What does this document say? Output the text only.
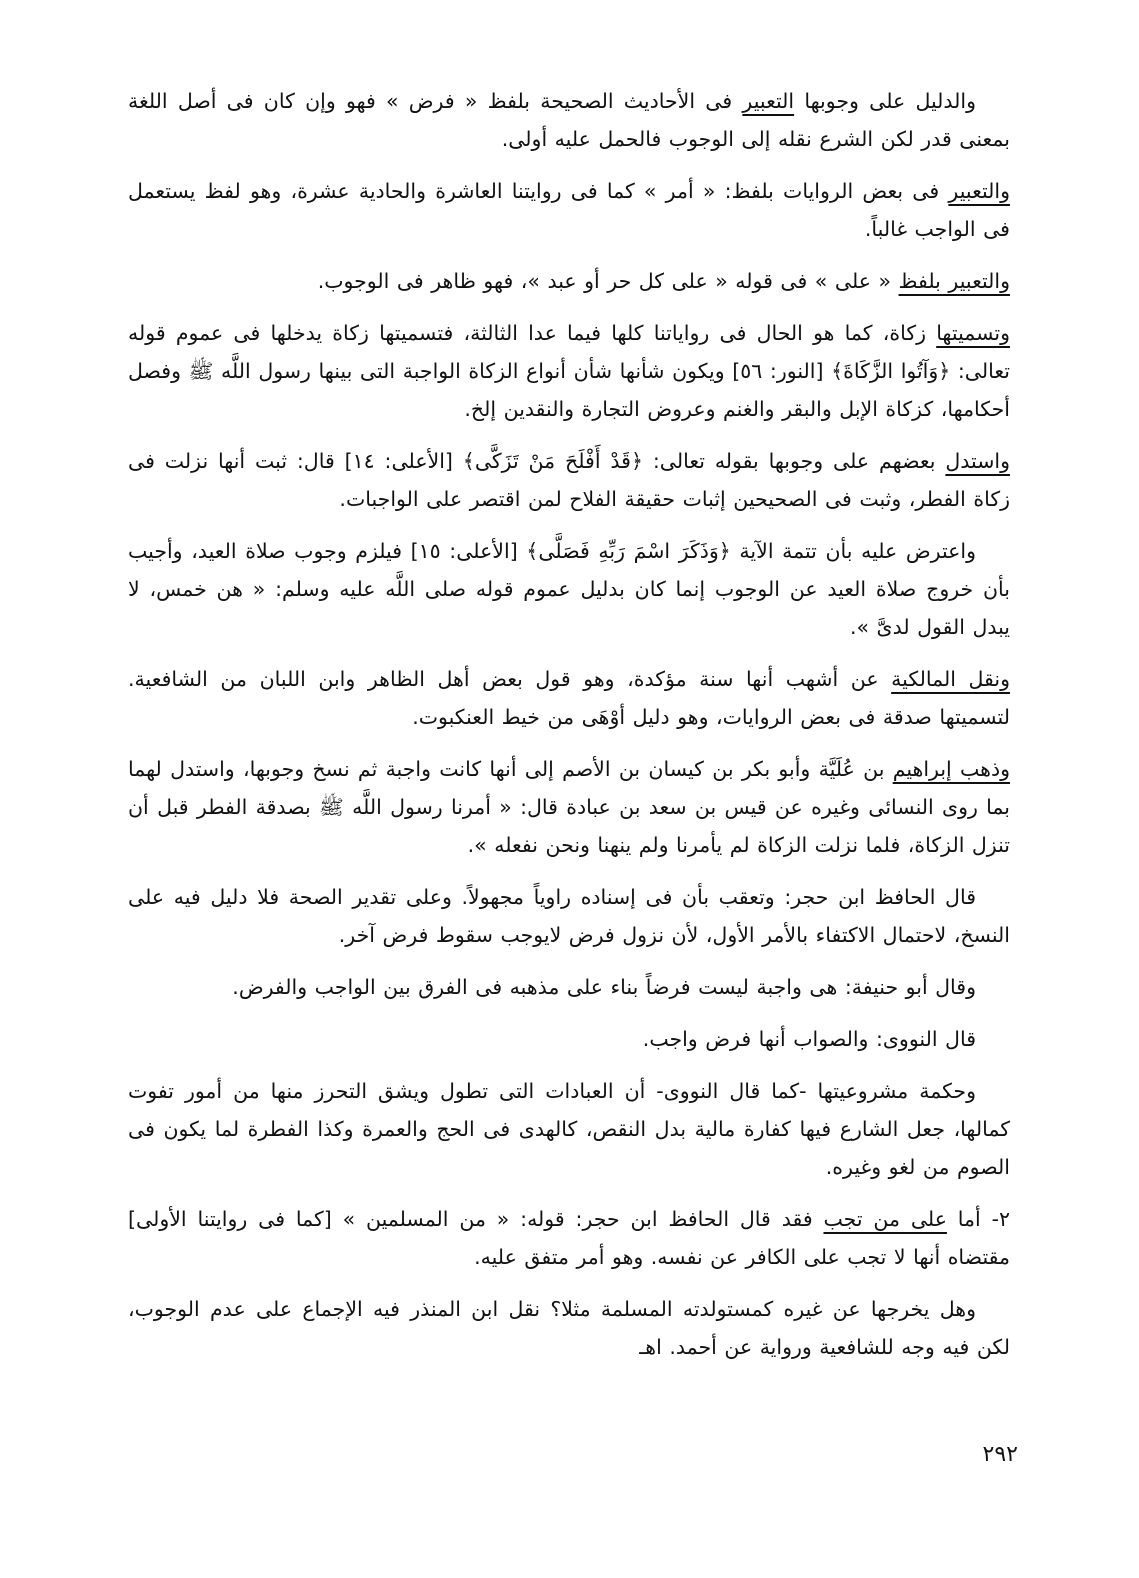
والدليل على وجوبها التعبير فى الأحاديث الصحيحة بلفظ « فرض » فهو وإن كان فى أصل اللغة بمعنى قدر لكن الشرع نقله إلى الوجوب فالحمل عليه أولى.

والتعبير فى بعض الروايات بلفظ: « أمر » كما فى روايتنا العاشرة والحادية عشرة، وهو لفظ يستعمل فى الواجب غالباً.

والتعبير بلفظ « على » فى قوله « على كل حر أو عبد »، فهو ظاهر فى الوجوب.

وتسميتها زكاة، كما هو الحال فى رواياتنا كلها فيما عدا الثالثة، فتسميتها زكاة يدخلها فى عموم قوله تعالى: ﴿وَآتُوا الزَّكَاةَ﴾ [النور: ٥٦] ويكون شأنها شأن أنواع الزكاة الواجبة التى بينها رسول اللَّه ﷺ وفصل أحكامها، كزكاة الإبل والبقر والغنم وعروض التجارة والنقدين إلخ.

واستدل بعضهم على وجوبها بقوله تعالى: ﴿قَدْ أَفْلَحَ مَنْ تَزَكَّى﴾ [الأعلى: ١٤] قال: ثبت أنها نزلت فى زكاة الفطر، وثبت فى الصحيحين إثبات حقيقة الفلاح لمن اقتصر على الواجبات.

واعترض عليه بأن تتمة الآية ﴿وَذَكَرَ اسْمَ رَبِّهِ فَصَلَّى﴾ [الأعلى: ١٥] فيلزم وجوب صلاة العيد، وأجيب بأن خروج صلاة العيد عن الوجوب إنما كان بدليل عموم قوله صلى اللَّه عليه وسلم: « هن خمس، لا يبدل القول لدىَّ ».

ونقل المالكية عن أشهب أنها سنة مؤكدة، وهو قول بعض أهل الظاهر وابن اللبان من الشافعية. لتسميتها صدقة فى بعض الروايات، وهو دليل أوْهَى من خيط العنكبوت.

وذهب إبراهيم بن عُلَيَّة وأبو بكر بن كيسان بن الأصم إلى أنها كانت واجبة ثم نسخ وجوبها، واستدل لهما بما روى النسائى وغيره عن قيس بن سعد بن عبادة قال: « أمرنا رسول اللَّه ﷺ بصدقة الفطر قبل أن تنزل الزكاة، فلما نزلت الزكاة لم يأمرنا ولم ينهنا ونحن نفعله ».

قال الحافظ ابن حجر: وتعقب بأن فى إسناده راوياً مجهولاً. وعلى تقدير الصحة فلا دليل فيه على النسخ، لاحتمال الاكتفاء بالأمر الأول، لأن نزول فرض لايوجب سقوط فرض آخر.

وقال أبو حنيفة: هى واجبة ليست فرضاً بناء على مذهبه فى الفرق بين الواجب والفرض.

قال النووى: والصواب أنها فرض واجب.

وحكمة مشروعيتها -كما قال النووى- أن العبادات التى تطول ويشق التحرز منها من أمور تفوت كمالها، جعل الشارع فيها كفارة مالية بدل النقص، كالهدى فى الحج والعمرة وكذا الفطرة لما يكون فى الصوم من لغو وغيره.

٢- أما على من تجب فقد قال الحافظ ابن حجر: قوله: « من المسلمين » [كما فى روايتنا الأولى] مقتضاه أنها لا تجب على الكافر عن نفسه. وهو أمر متفق عليه.

وهل يخرجها عن غيره كمستولدته المسلمة مثلا؟ نقل ابن المنذر فيه الإجماع على عدم الوجوب، لكن فيه وجه للشافعية ورواية عن أحمد. اهـ

٢٩٢
